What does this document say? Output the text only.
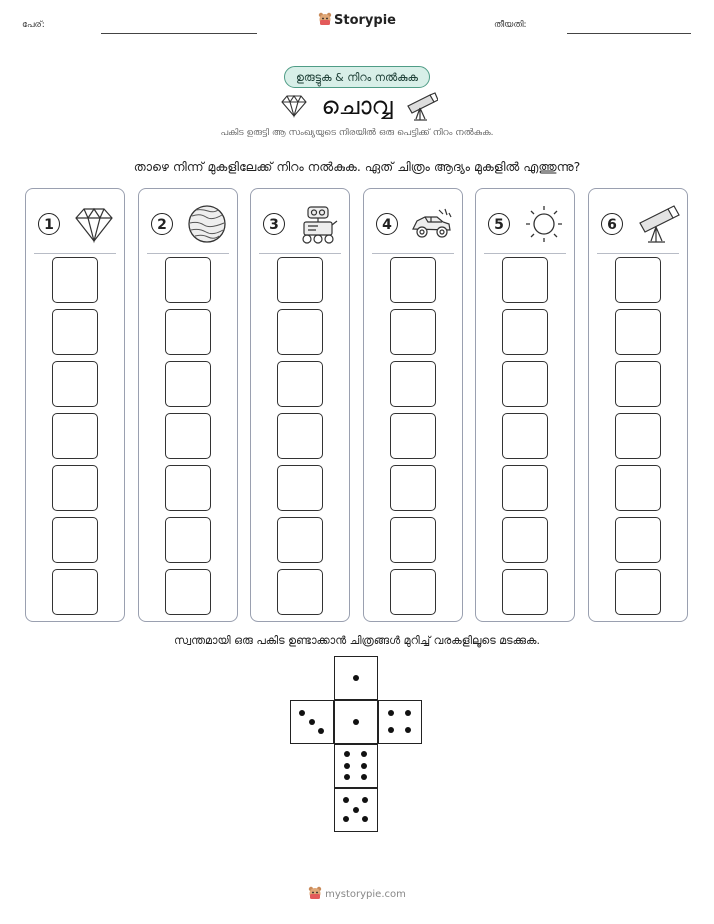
പേര്:	Storypie	തീയതി:
ഉരുട്ടുക & നിറം നൽകുക
ചൊവ്വ
പകിട ഉരുട്ടി ആ സംഖ്യയുടെ നിരയിൽ ഒരു പെട്ടിക്ക് നിറം നൽകുക.
താഴെ നിന്ന് മുകളിലേക്ക് നിറം നൽകുക. ഏത് ചിത്രം ആദ്യം മുകളിൽ എത്തുന്നു?
1	2	3	4	5	6
സ്വന്തമായി ഒരു പകിട ഉണ്ടാക്കാൻ ചിത്രങ്ങൾ മുറിച്ച് വരകളിലൂടെ മടക്കുക.
mystorypie.com
